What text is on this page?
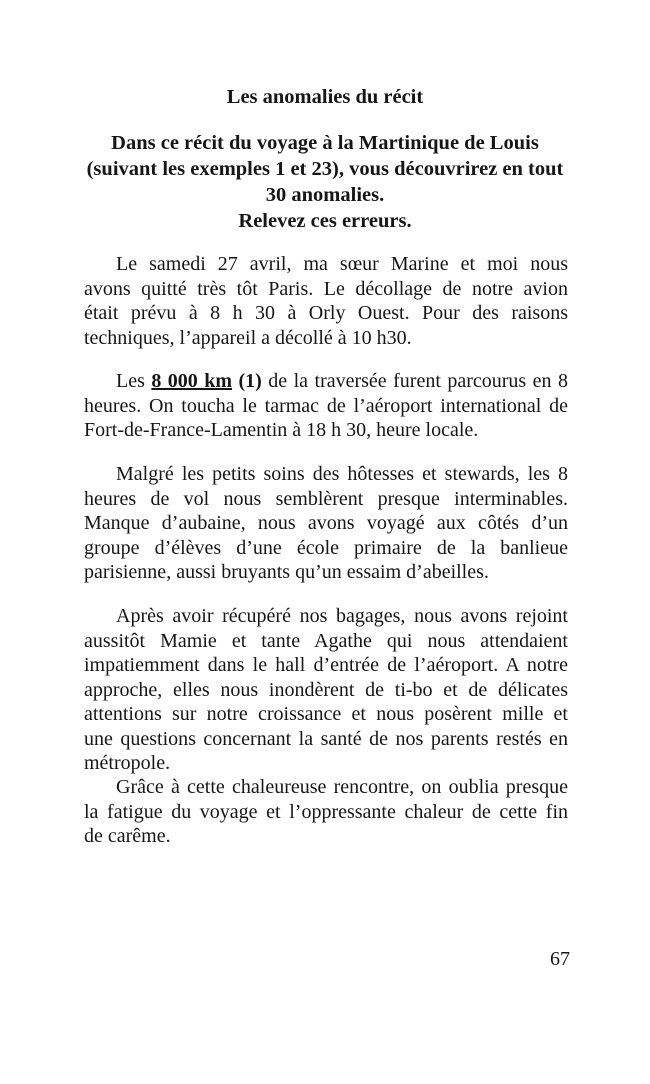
Les anomalies du récit
Dans ce récit du voyage à la Martinique de Louis
(suivant les exemples 1 et 23), vous découvrirez en tout
30 anomalies.
Relevez ces erreurs.
Le samedi 27 avril, ma sœur Marine et moi nous
avons quitté très tôt Paris. Le décollage de notre avion
était prévu à 8 h 30 à Orly Ouest. Pour des raisons
techniques, l’appareil a décollé à 10 h30.
Les 8 000 km (1) de la traversée furent parcourus en 8
heures. On toucha le tarmac de l’aéroport international de
Fort-de-France-Lamentin à 18 h 30, heure locale.
Malgré les petits soins des hôtesses et stewards, les 8
heures de vol nous semblèrent presque interminables.
Manque d’aubaine, nous avons voyagé aux côtés d’un
groupe d’élèves d’une école primaire de la banlieue
parisienne, aussi bruyants qu’un essaim d’abeilles.
Après avoir récupéré nos bagages, nous avons rejoint
aussitôt Mamie et tante Agathe qui nous attendaient
impatiemment dans le hall d’entrée de l’aéroport. A notre
approche, elles nous inondèrent de ti-bo et de délicates
attentions sur notre croissance et nous posèrent mille et
une questions concernant la santé de nos parents restés en
métropole.
Grâce à cette chaleureuse rencontre, on oublia presque
la fatigue du voyage et l’oppressante chaleur de cette fin
de carême.
67
